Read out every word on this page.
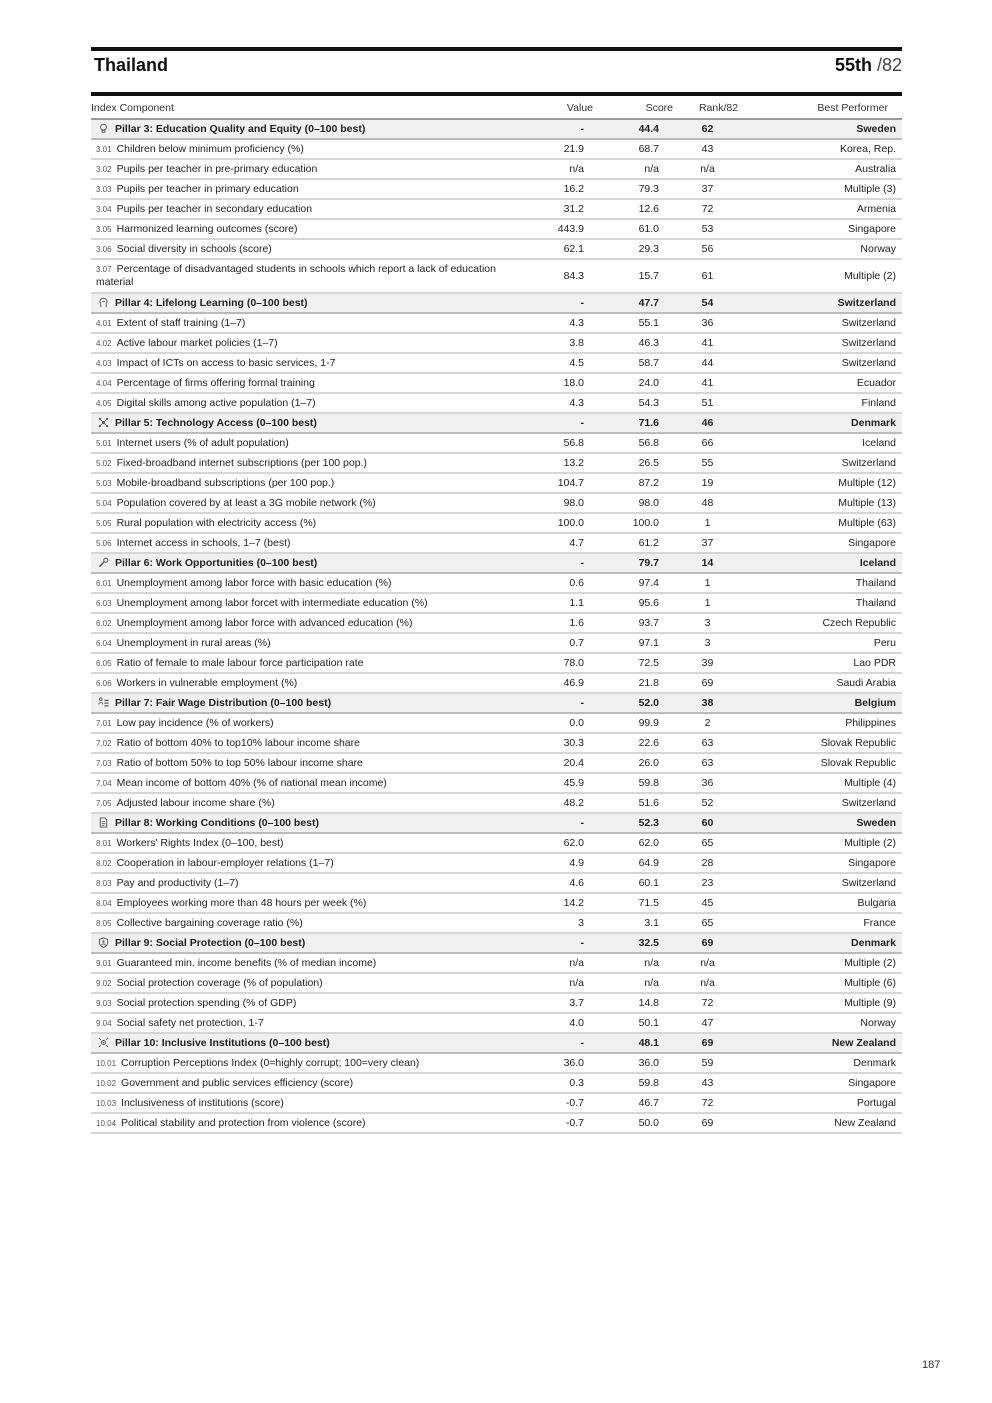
Thailand	55th /82
Index Component	Value	Score	Rank/82	Best Performer
Pillar 3: Education Quality and Equity (0–100 best)	-	44.4	62	Sweden
3.01 Children below minimum proficiency (%)	21.9	68.7	43	Korea, Rep.
3.02 Pupils per teacher in pre-primary education	n/a	n/a	n/a	Australia
3.03 Pupils per teacher in primary education	16.2	79.3	37	Multiple (3)
3.04 Pupils per teacher in secondary education	31.2	12.6	72	Armenia
3.05 Harmonized learning outcomes (score)	443.9	61.0	53	Singapore
3.06 Social diversity in schools (score)	62.1	29.3	56	Norway
3.07 Percentage of disadvantaged students in schools which report a lack of education material	84.3	15.7	61	Multiple (2)
Pillar 4: Lifelong Learning (0–100 best)	-	47.7	54	Switzerland
4.01 Extent of staff training (1–7)	4.3	55.1	36	Switzerland
4.02 Active labour market policies (1–7)	3.8	46.3	41	Switzerland
4.03 Impact of ICTs on access to basic services, 1-7	4.5	58.7	44	Switzerland
4.04 Percentage of firms offering formal training	18.0	24.0	41	Ecuador
4.05 Digital skills among active population (1–7)	4.3	54.3	51	Finland
Pillar 5: Technology Access (0–100 best)	-	71.6	46	Denmark
5.01 Internet users (% of adult population)	56.8	56.8	66	Iceland
5.02 Fixed-broadband internet subscriptions (per 100 pop.)	13.2	26.5	55	Switzerland
5.03 Mobile-broadband subscriptions (per 100 pop.)	104.7	87.2	19	Multiple (12)
5.04 Population covered by at least a 3G mobile network (%)	98.0	98.0	48	Multiple (13)
5.05 Rural population with electricity access (%)	100.0	100.0	1	Multiple (63)
5.06 Internet access in schools, 1–7 (best)	4.7	61.2	37	Singapore
Pillar 6: Work Opportunities (0–100 best)	-	79.7	14	Iceland
6.01 Unemployment among labor force with basic education (%)	0.6	97.4	1	Thailand
6.03 Unemployment among labor forcet with intermediate education (%)	1.1	95.6	1	Thailand
6.02 Unemployment among labor force with advanced education (%)	1.6	93.7	3	Czech Republic
6.04 Unemployment in rural areas (%)	0.7	97.1	3	Peru
6.05 Ratio of female to male labour force participation rate	78.0	72.5	39	Lao PDR
6.06 Workers in vulnerable employment (%)	46.9	21.8	69	Saudi Arabia
Pillar 7: Fair Wage Distribution (0–100 best)	-	52.0	38	Belgium
7.01 Low pay incidence (% of workers)	0.0	99.9	2	Philippines
7.02 Ratio of bottom 40% to top10% labour income share	30.3	22.6	63	Slovak Republic
7.03 Ratio of bottom 50% to top 50% labour income share	20.4	26.0	63	Slovak Republic
7.04 Mean income of bottom 40% (% of national mean income)	45.9	59.8	36	Multiple (4)
7.05 Adjusted labour income share (%)	48.2	51.6	52	Switzerland
Pillar 8: Working Conditions (0–100 best)	-	52.3	60	Sweden
8.01 Workers' Rights Index (0–100, best)	62.0	62.0	65	Multiple (2)
8.02 Cooperation in labour-employer relations (1–7)	4.9	64.9	28	Singapore
8.03 Pay and productivity (1–7)	4.6	60.1	23	Switzerland
8.04 Employees working more than 48 hours per week (%)	14.2	71.5	45	Bulgaria
8.05 Collective bargaining coverage ratio (%)	3	3.1	65	France
Pillar 9: Social Protection (0–100 best)	-	32.5	69	Denmark
9.01 Guaranteed min. income benefits (% of median income)	n/a	n/a	n/a	Multiple (2)
9.02 Social protection coverage (% of population)	n/a	n/a	n/a	Multiple (6)
9.03 Social protection spending (% of GDP)	3.7	14.8	72	Multiple (9)
9.04 Social safety net protection, 1-7	4.0	50.1	47	Norway
Pillar 10: Inclusive Institutions (0–100 best)	-	48.1	69	New Zealand
10.01 Corruption Perceptions Index (0=highly corrupt; 100=very clean)	36.0	36.0	59	Denmark
10.02 Government and public services efficiency (score)	0.3	59.8	43	Singapore
10.03 Inclusiveness of institutions (score)	-0.7	46.7	72	Portugal
10.04 Political stability and protection from violence (score)	-0.7	50.0	69	New Zealand
187
